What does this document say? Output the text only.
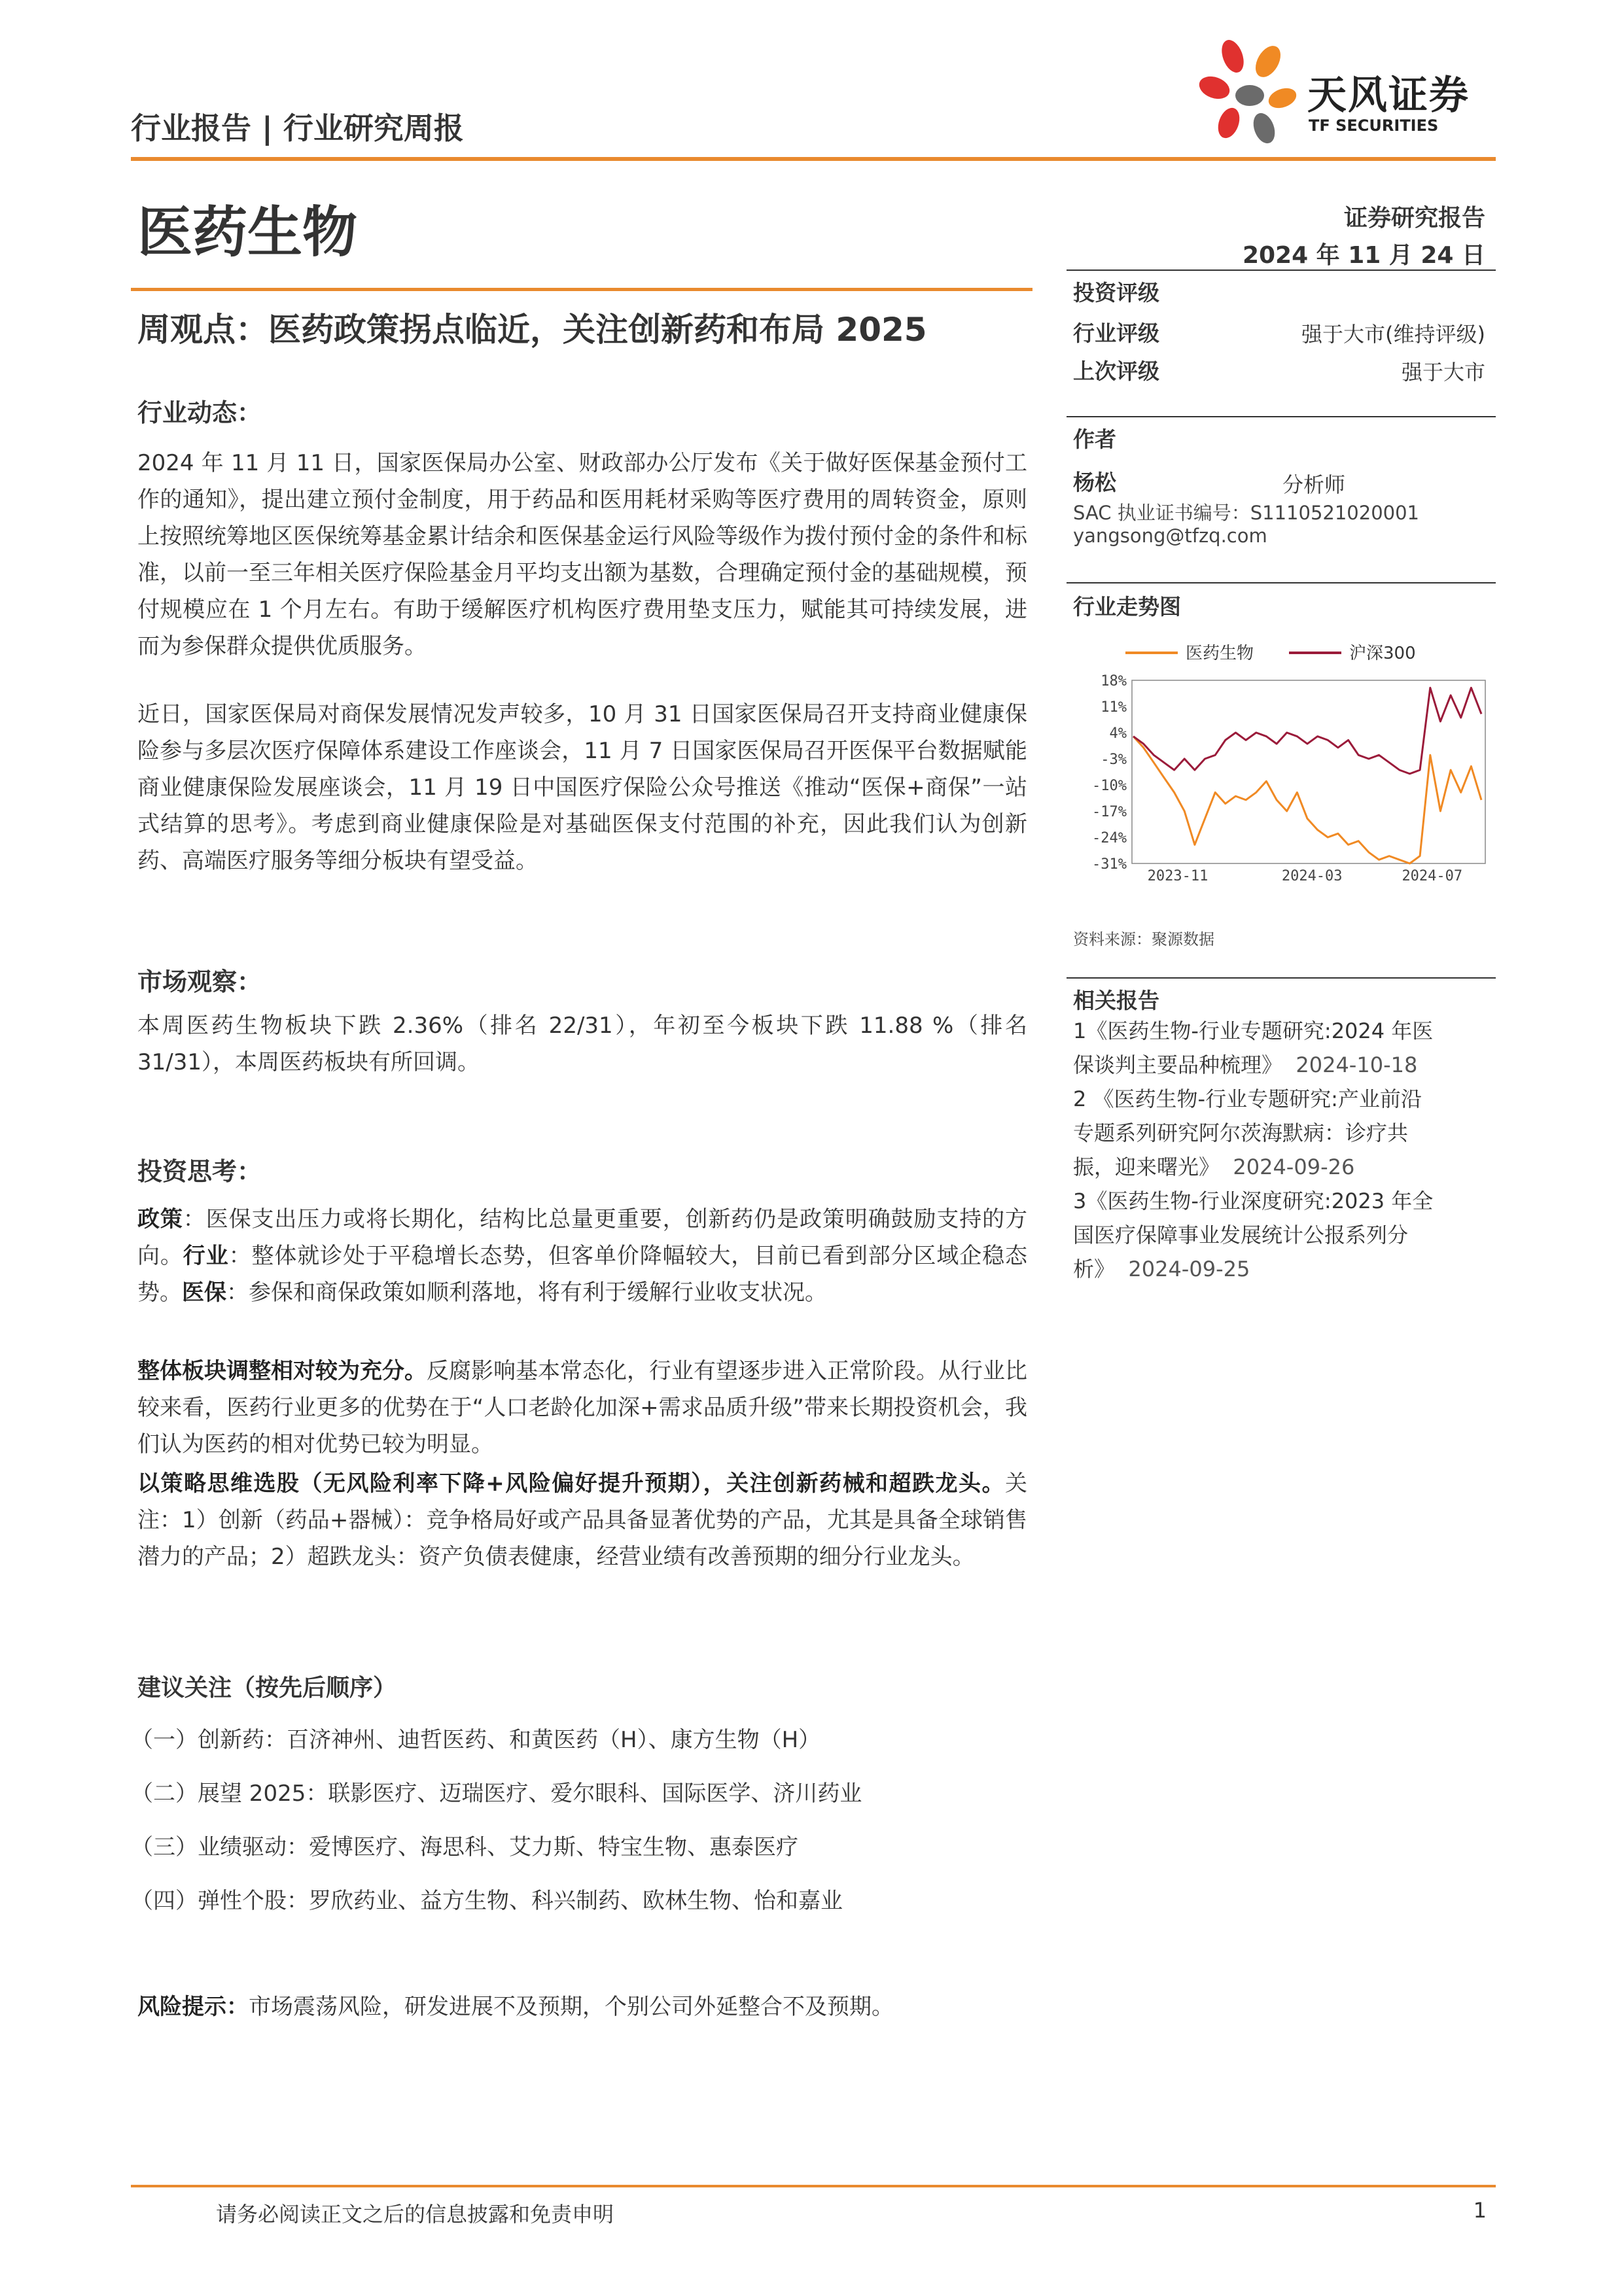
行业报告 | 行业研究周报
天风证券
TF SECURITIES
医药生物
周观点：医药政策拐点临近，关注创新药和布局 2025
证券研究报告
2024 年 11 月 24 日
投资评级
行业评级	强于大市(维持评级)
上次评级	强于大市
作者
杨松	分析师
SAC 执业证书编号：S1110521020001
yangsong@tfzq.com
行业走势图
医药生物	沪深300
18%
11%
4%
-3%
-10%
-17%
-24%
-31%
2023-11	2024-03	2024-07
资料来源：聚源数据
相关报告
1《医药生物-行业专题研究:2024 年医
保谈判主要品种梳理》 2024-10-18
2 《医药生物-行业专题研究:产业前沿
专题系列研究阿尔茨海默病：诊疗共
振，迎来曙光》 2024-09-26
3《医药生物-行业深度研究:2023 年全
国医疗保障事业发展统计公报系列分
析》 2024-09-25
行业动态：
2024 年 11 月 11 日，国家医保局办公室、财政部办公厅发布《关于做好医保基金预付工作的通知》，提出建立预付金制度，用于药品和医用耗材采购等医疗费用的周转资金，原则上按照统筹地区医保统筹基金累计结余和医保基金运行风险等级作为拨付预付金的条件和标准，以前一至三年相关医疗保险基金月平均支出额为基数，合理确定预付金的基础规模，预付规模应在 1 个月左右。有助于缓解医疗机构医疗费用垫支压力，赋能其可持续发展，进而为参保群众提供优质服务。
近日，国家医保局对商保发展情况发声较多，10 月 31 日国家医保局召开支持商业健康保险参与多层次医疗保障体系建设工作座谈会，11 月 7 日国家医保局召开医保平台数据赋能商业健康保险发展座谈会，11 月 19 日中国医疗保险公众号推送《推动“医保+商保”一站式结算的思考》。考虑到商业健康保险是对基础医保支付范围的补充，因此我们认为创新药、高端医疗服务等细分板块有望受益。
市场观察：
本周医药生物板块下跌 2.36%（排名 22/31），年初至今板块下跌 11.88 %（排名 31/31），本周医药板块有所回调。
投资思考：
政策：医保支出压力或将长期化，结构比总量更重要，创新药仍是政策明确鼓励支持的方向。行业：整体就诊处于平稳增长态势，但客单价降幅较大，目前已看到部分区域企稳态势。医保：参保和商保政策如顺利落地，将有利于缓解行业收支状况。
整体板块调整相对较为充分。反腐影响基本常态化，行业有望逐步进入正常阶段。从行业比较来看，医药行业更多的优势在于“人口老龄化加深+需求品质升级”带来长期投资机会，我们认为医药的相对优势已较为明显。
以策略思维选股（无风险利率下降+风险偏好提升预期），关注创新药械和超跌龙头。关注：1）创新（药品+器械）：竞争格局好或产品具备显著优势的产品，尤其是具备全球销售潜力的产品；2）超跌龙头：资产负债表健康，经营业绩有改善预期的细分行业龙头。
建议关注（按先后顺序）
（一）创新药：百济神州、迪哲医药、和黄医药（H）、康方生物（H）
（二）展望 2025：联影医疗、迈瑞医疗、爱尔眼科、国际医学、济川药业
（三）业绩驱动：爱博医疗、海思科、艾力斯、特宝生物、惠泰医疗
（四）弹性个股：罗欣药业、益方生物、科兴制药、欧林生物、怡和嘉业
风险提示：市场震荡风险，研发进展不及预期，个别公司外延整合不及预期。
请务必阅读正文之后的信息披露和免责申明	1
